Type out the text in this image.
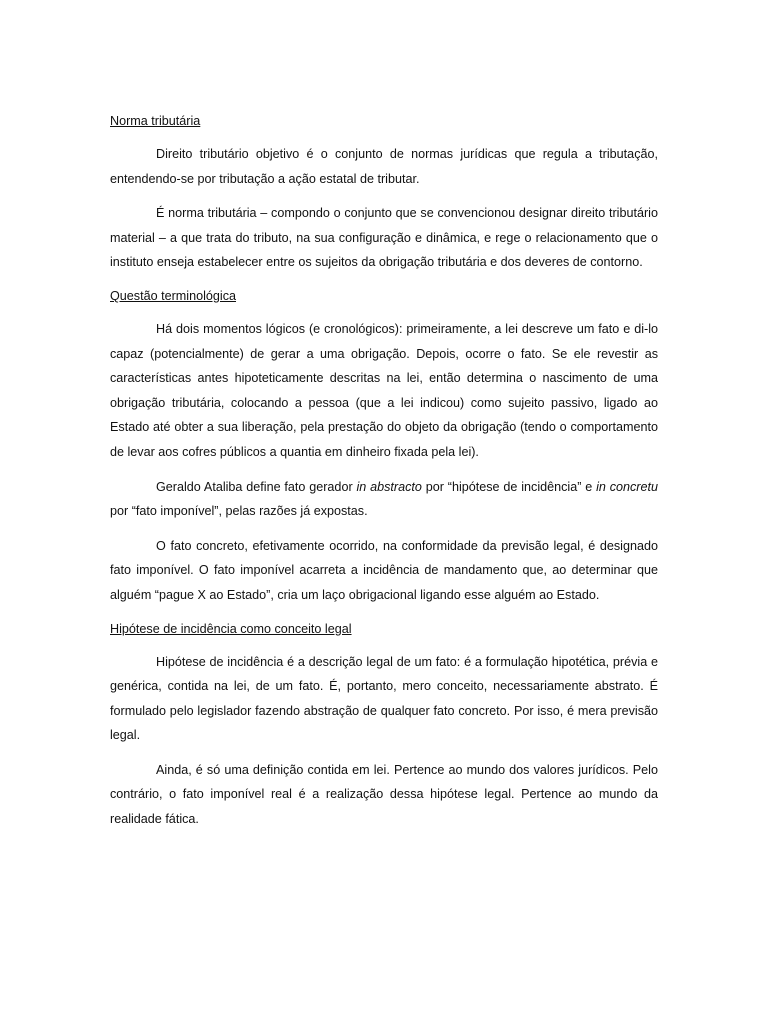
Norma tributária

Direito tributário objetivo é o conjunto de normas jurídicas que regula a tributação, entendendo-se por tributação a ação estatal de tributar.

É norma tributária – compondo o conjunto que se convencionou designar direito tributário material – a que trata do tributo, na sua configuração e dinâmica, e rege o relacionamento que o instituto enseja estabelecer entre os sujeitos da obrigação tributária e dos deveres de contorno.

Questão terminológica

Há dois momentos lógicos (e cronológicos): primeiramente, a lei descreve um fato e di-lo capaz (potencialmente) de gerar a uma obrigação. Depois, ocorre o fato. Se ele revestir as características antes hipoteticamente descritas na lei, então determina o nascimento de uma obrigação tributária, colocando a pessoa (que a lei indicou) como sujeito passivo, ligado ao Estado até obter a sua liberação, pela prestação do objeto da obrigação (tendo o comportamento de levar aos cofres públicos a quantia em dinheiro fixada pela lei).

Geraldo Ataliba define fato gerador in abstracto por “hipótese de incidência” e in concretu por “fato imponível”, pelas razões já expostas.

O fato concreto, efetivamente ocorrido, na conformidade da previsão legal, é designado fato imponível. O fato imponível acarreta a incidência de mandamento que, ao determinar que alguém “pague X ao Estado”, cria um laço obrigacional ligando esse alguém ao Estado.

Hipótese de incidência como conceito legal

Hipótese de incidência é a descrição legal de um fato: é a formulação hipotética, prévia e genérica, contida na lei, de um fato. É, portanto, mero conceito, necessariamente abstrato. É formulado pelo legislador fazendo abstração de qualquer fato concreto. Por isso, é mera previsão legal.

Ainda, é só uma definição contida em lei. Pertence ao mundo dos valores jurídicos. Pelo contrário, o fato imponível real é a realização dessa hipótese legal. Pertence ao mundo da realidade fática.
